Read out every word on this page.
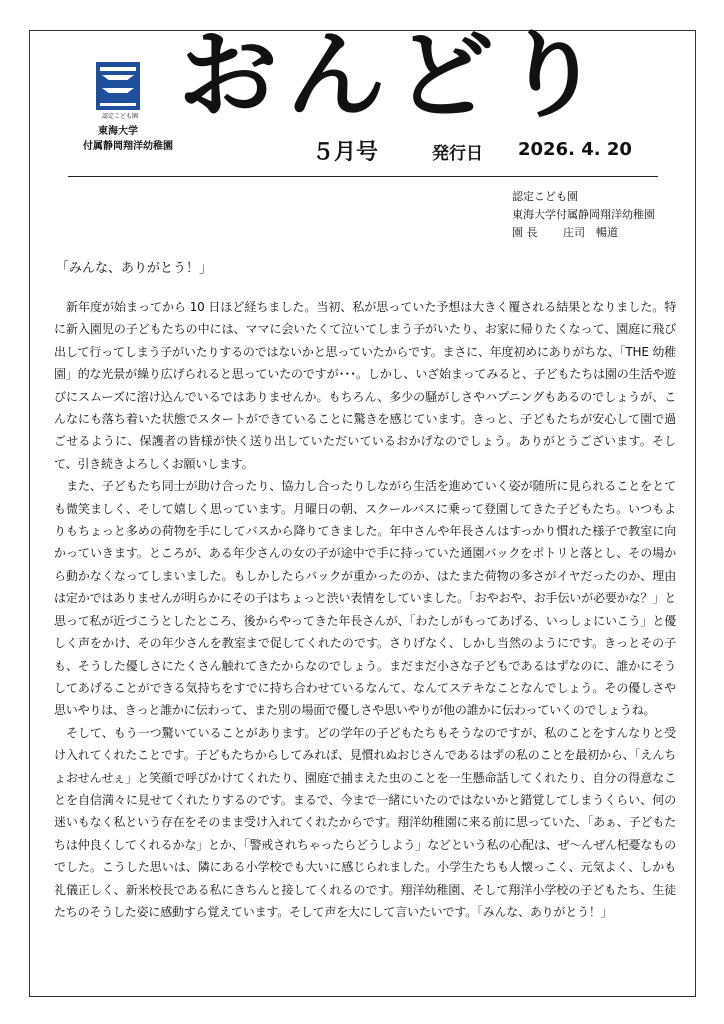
認定こども園
東海大学
付属静岡翔洋幼稚園
おんどり
５月号	発行日 2026. 4. 20
認定こども園
東海大学付属静岡翔洋幼稚園
園 長　　 庄司　暢道
「みんな、ありがとう！」

新年度が始まってから 10 日ほど経ちました。当初、私が思っていた予想は大きく覆される結果となりました。特に新入園児の子どもたちの中には、ママに会いたくて泣いてしまう子がいたり、お家に帰りたくなって、園庭に飛び出して行ってしまう子がいたりするのではないかと思っていたからです。まさに、年度初めにありがちな、「THE 幼稚園」的な光景が繰り広げられると思っていたのですが･･･。しかし、いざ始まってみると、子どもたちは園の生活や遊びにスムーズに溶け込んでいるではありませんか。もちろん、多少の騒がしさやハプニングもあるのでしょうが、こんなにも落ち着いた状態でスタートができていることに驚きを感じています。きっと、子どもたちが安心して園で過ごせるように、保護者の皆様が快く送り出していただいているおかげなのでしょう。ありがとうございます。そして、引き続きよろしくお願いします。

また、子どもたち同士が助け合ったり、協力し合ったりしながら生活を進めていく姿が随所に見られることをとても微笑ましく、そして嬉しく思っています。月曜日の朝、スクールバスに乗って登園してきた子どもたち。いつもよりもちょっと多めの荷物を手にしてバスから降りてきました。年中さんや年長さんはすっかり慣れた様子で教室に向かっていきます。ところが、ある年少さんの女の子が途中で手に持っていた通園バックをポトリと落とし、その場から動かなくなってしまいました。もしかしたらバックが重かったのか、はたまた荷物の多さがイヤだったのか、理由は定かではありませんが明らかにその子はちょっと渋い表情をしていました。「おやおや、お手伝いが必要かな？」と思って私が近づこうとしたところ、後からやってきた年長さんが、「わたしがもってあげる、いっしょにいこう」と優しく声をかけ、その年少さんを教室まで促してくれたのです。さりげなく、しかし当然のようにです。きっとその子も、そうした優しさにたくさん触れてきたからなのでしょう。まだまだ小さな子どもであるはずなのに、誰かにそうしてあげることができる気持ちをすでに持ち合わせているなんて、なんてステキなことなんでしょう。その優しさや思いやりは、きっと誰かに伝わって、また別の場面で優しさや思いやりが他の誰かに伝わっていくのでしょうね。

そして、もう一つ驚いていることがあります。どの学年の子どもたちもそうなのですが、私のことをすんなりと受け入れてくれたことです。子どもたちからしてみれば、見慣れぬおじさんであるはずの私のことを最初から、「えんちょおせんせぇ」と笑顔で呼びかけてくれたり、園庭で捕まえた虫のことを一生懸命話してくれたり、自分の得意なことを自信満々に見せてくれたりするのです。まるで、今まで一緒にいたのではないかと錯覚してしまうくらい、何の迷いもなく私という存在をそのまま受け入れてくれたからです。翔洋幼稚園に来る前に思っていた、「あぁ、子どもたちは仲良くしてくれるかな」とか、「警戒されちゃったらどうしよう」などという私の心配は、ぜ～んぜん杞憂なものでした。こうした思いは、隣にある小学校でも大いに感じられました。小学生たちも人懐っこく、元気よく、しかも礼儀正しく、新米校長である私にきちんと接してくれるのです。翔洋幼稚園、そして翔洋小学校の子どもたち、生徒たちのそうした姿に感動すら覚えています。そして声を大にして言いたいです。「みんな、ありがとう！」
